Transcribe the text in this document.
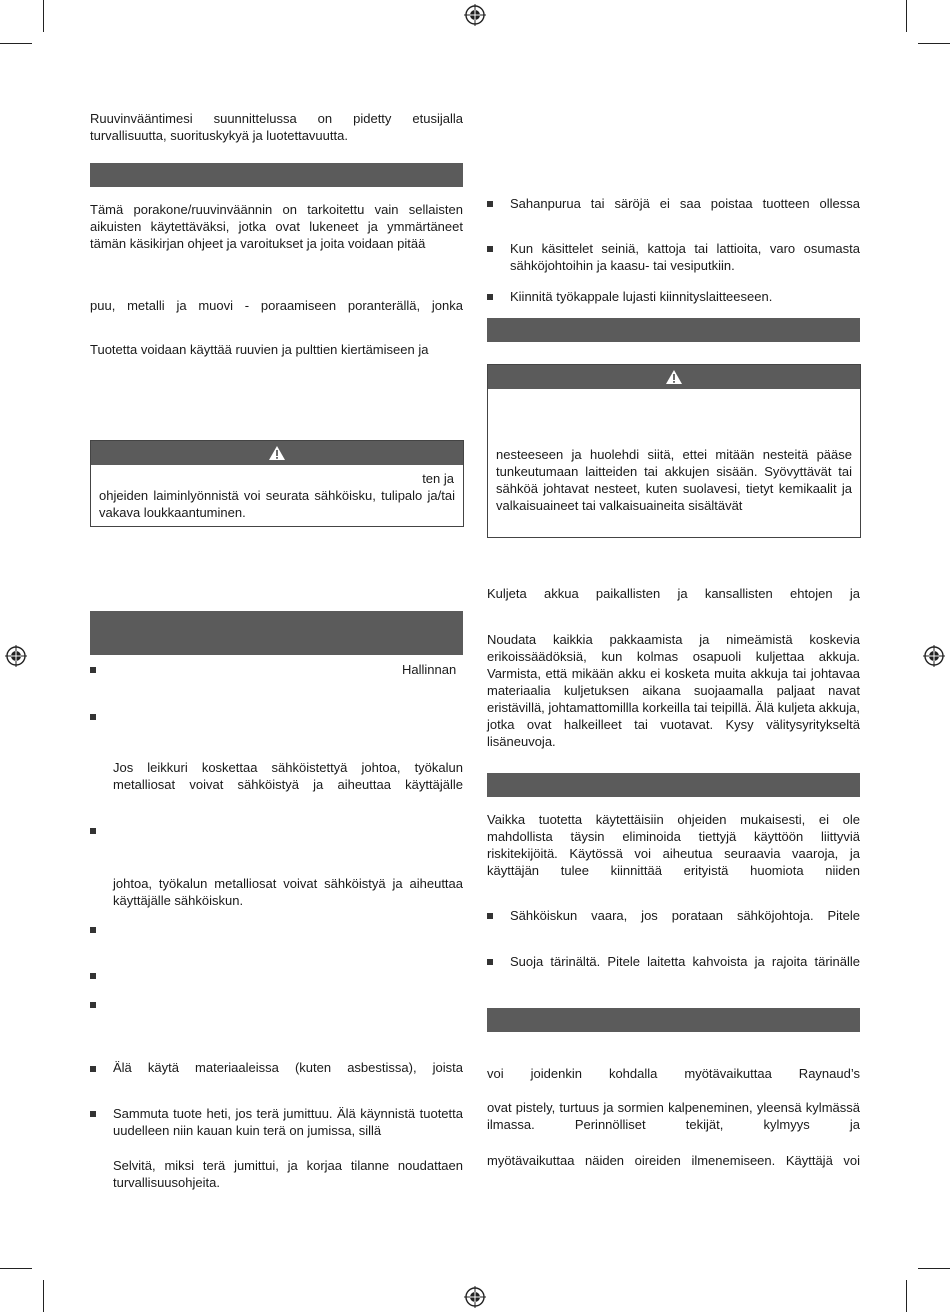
Ruuvinvääntimesi suunnittelussa on pidetty etusijalla turvallisuutta, suorituskykyä ja luotettavuutta.
Tämä porakone/ruuvinväännin on tarkoitettu vain sellaisten aikuisten käytettäväksi, jotka ovat lukeneet ja ymmärtäneet tämän käsikirjan ohjeet ja varoitukset ja joita voidaan pitää
puu, metalli ja muovi - poraamiseen poranterällä, jonka
Tuotetta voidaan käyttää ruuvien ja pulttien kiertämiseen ja
ten ja
ohjeiden laiminlyönnistä voi seurata sähköisku, tulipalo ja/tai vakava loukkaantuminen.
Hallinnan
Jos leikkuri koskettaa sähköistettyä johtoa, työkalun metalliosat voivat sähköistyä ja aiheuttaa käyttäjälle
johtoa, työkalun metalliosat voivat sähköistyä ja aiheuttaa käyttäjälle sähköiskun.
Älä käytä materiaaleissa (kuten asbestissa), joista
Sammuta tuote heti, jos terä jumittuu. Älä käynnistä tuotetta uudelleen niin kauan kuin terä on jumissa, sillä
Selvitä, miksi terä jumittui, ja korjaa tilanne noudattaen turvallisuusohjeita.
Sahanpurua tai säröjä ei saa poistaa tuotteen ollessa
Kun käsittelet seiniä, kattoja tai lattioita, varo osumasta sähköjohtoihin ja kaasu- tai vesiputkiin.
Kiinnitä työkappale lujasti kiinnityslaitteeseen.
nesteeseen ja huolehdi siitä, ettei mitään nesteitä pääse tunkeutumaan laitteiden tai akkujen sisään. Syövyttävät tai sähköä johtavat nesteet, kuten suolavesi, tietyt kemikaalit ja valkaisuaineet tai valkaisuaineita sisältävät
Kuljeta akkua paikallisten ja kansallisten ehtojen ja
Noudata kaikkia pakkaamista ja nimeämistä koskevia erikoissäädöksiä, kun kolmas osapuoli kuljettaa akkuja. Varmista, että mikään akku ei kosketa muita akkuja tai johtavaa materiaalia kuljetuksen aikana suojaamalla paljaat navat eristävillä, johtamattomillla korkeilla tai teipillä. Älä kuljeta akkuja, jotka ovat halkeilleet tai vuotavat. Kysy välitysyritykseltä lisäneuvoja.
Vaikka tuotetta käytettäisiin ohjeiden mukaisesti, ei ole mahdollista täysin eliminoida tiettyjä käyttöön liittyviä riskitekijöitä. Käytössä voi aiheutua seuraavia vaaroja, ja käyttäjän tulee kiinnittää erityistä huomiota niiden
Sähköiskun vaara, jos porataan sähköjohtoja. Pitele
Suoja tärinältä. Pitele laitetta kahvoista ja rajoita tärinälle
voi joidenkin kohdalla myötävaikuttaa Raynaud’s
ovat pistely, turtuus ja sormien kalpeneminen, yleensä kylmässä ilmassa. Perinnölliset tekijät, kylmyys ja
myötävaikuttaa näiden oireiden ilmenemiseen. Käyttäjä voi
